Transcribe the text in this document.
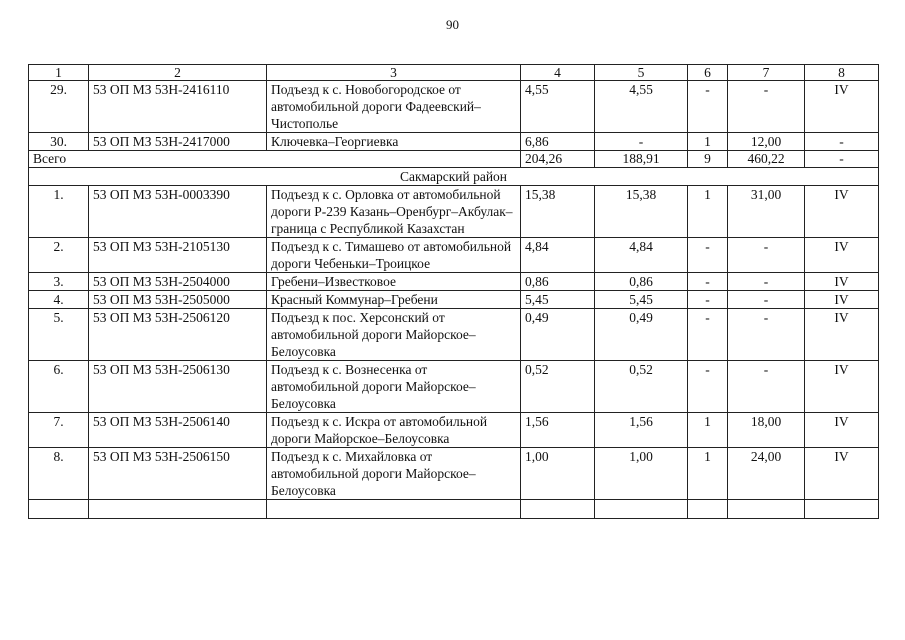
90
1	2	3	4	5	6	7	8
29.	53 ОП МЗ 53Н-2416110	Подъезд к с. Новобогородское от автомобильной дороги Фадеевский–Чистополье	4,55	4,55	-	-	IV
30.	53 ОП МЗ 53Н-2417000	Ключевка–Георгиевка	6,86	-	1	12,00	-
Всего			204,26	188,91	9	460,22	-
Сакмарский район							
1.	53 ОП МЗ 53Н-0003390	Подъезд к с. Орловка от автомобильной дороги Р-239 Казань–Оренбург–Акбулак–граница с Республикой Казахстан	15,38	15,38	1	31,00	IV
2.	53 ОП МЗ 53Н-2105130	Подъезд к с. Тимашево от автомобильной дороги Чебеньки–Троицкое	4,84	4,84	-	-	IV
3.	53 ОП МЗ 53Н-2504000	Гребени–Известковое	0,86	0,86	-	-	IV
4.	53 ОП МЗ 53Н-2505000	Красный Коммунар–Гребени	5,45	5,45	-	-	IV
5.	53 ОП МЗ 53Н-2506120	Подъезд к пос. Херсонский от автомобильной дороги Майорское–Белоусовка	0,49	0,49	-	-	IV
6.	53 ОП МЗ 53Н-2506130	Подъезд к с. Вознесенка от автомобильной дороги Майорское–Белоусовка	0,52	0,52	-	-	IV
7.	53 ОП МЗ 53Н-2506140	Подъезд к с. Искра от автомобильной дороги Майорское–Белоусовка	1,56	1,56	1	18,00	IV
8.	53 ОП МЗ 53Н-2506150	Подъезд к с. Михайловка от автомобильной дороги Майорское–Белоусовка	1,00	1,00	1	24,00	IV
